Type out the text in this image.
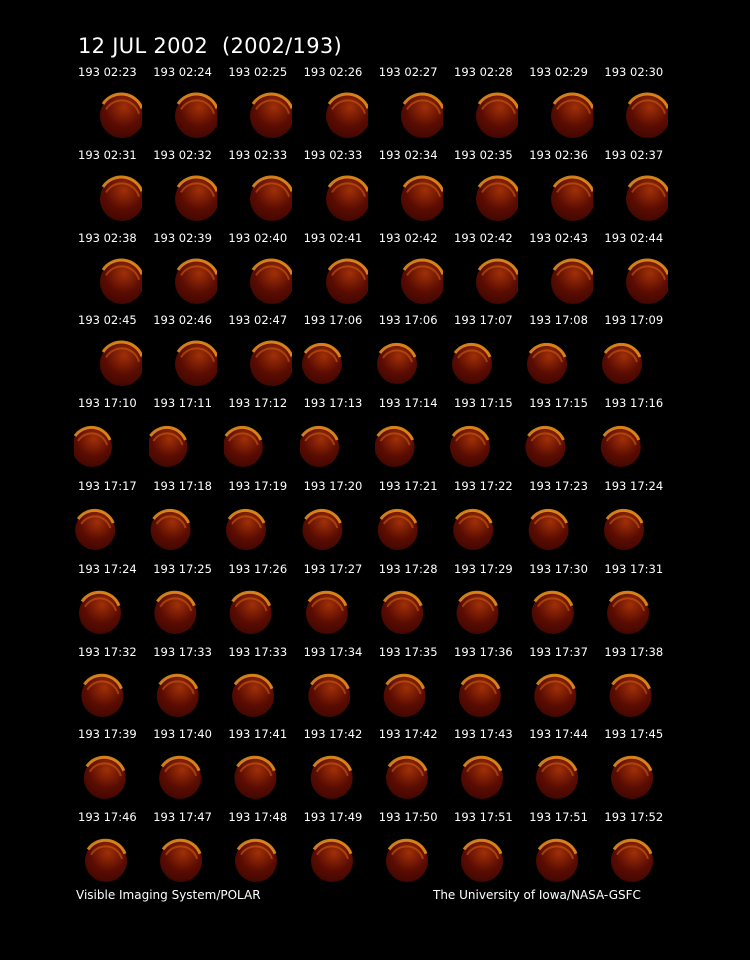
12 JUL 2002  (2002/193)
193 02:23 193 02:24 193 02:25 193 02:26 193 02:27 193 02:28 193 02:29 193 02:30
193 02:31 193 02:32 193 02:33 193 02:33 193 02:34 193 02:35 193 02:36 193 02:37
193 02:38 193 02:39 193 02:40 193 02:41 193 02:42 193 02:42 193 02:43 193 02:44
193 02:45 193 02:46 193 02:47 193 17:06 193 17:06 193 17:07 193 17:08 193 17:09
193 17:10 193 17:11 193 17:12 193 17:13 193 17:14 193 17:15 193 17:15 193 17:16
193 17:17 193 17:18 193 17:19 193 17:20 193 17:21 193 17:22 193 17:23 193 17:24
193 17:24 193 17:25 193 17:26 193 17:27 193 17:28 193 17:29 193 17:30 193 17:31
193 17:32 193 17:33 193 17:33 193 17:34 193 17:35 193 17:36 193 17:37 193 17:38
193 17:39 193 17:40 193 17:41 193 17:42 193 17:42 193 17:43 193 17:44 193 17:45
193 17:46 193 17:47 193 17:48 193 17:49 193 17:50 193 17:51 193 17:51 193 17:52
Visible Imaging System/POLAR	The University of Iowa/NASA-GSFC
